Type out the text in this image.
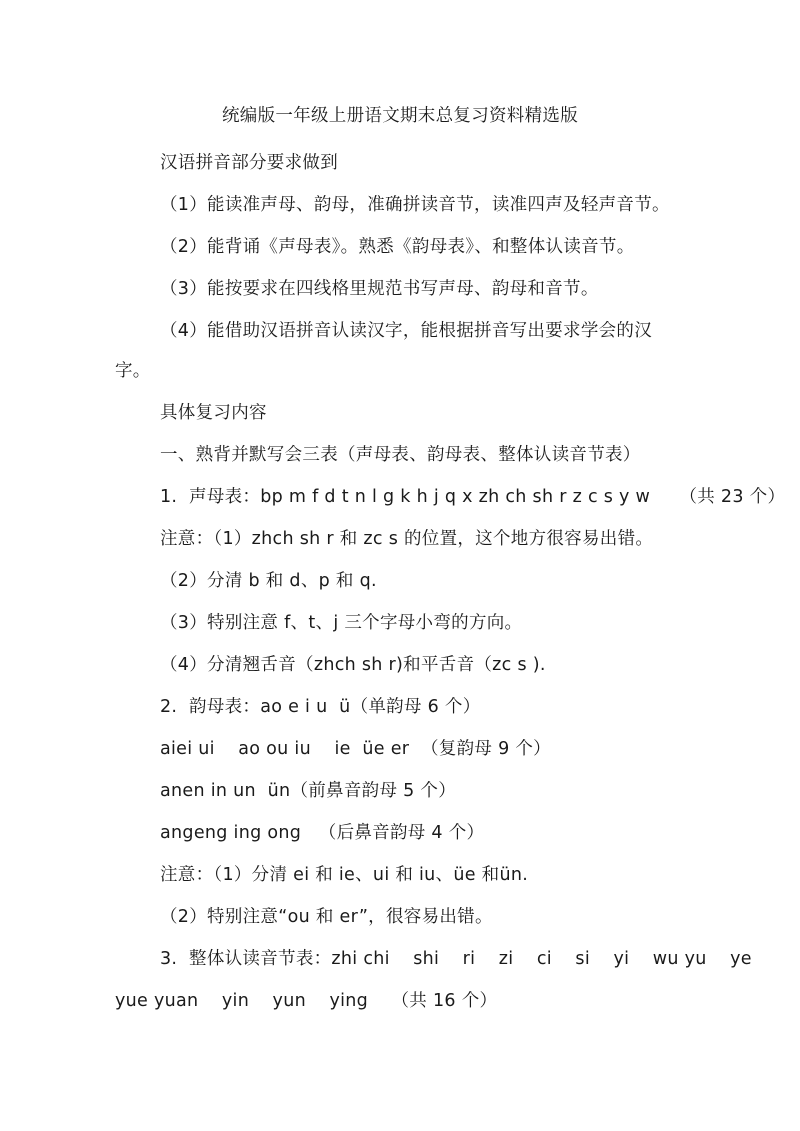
统编版一年级上册语文期末总复习资料精选版
汉语拼音部分要求做到
（1）能读准声母、韵母，准确拼读音节，读准四声及轻声音节。
（2）能背诵《声母表》。熟悉《韵母表》、和整体认读音节。
（3）能按要求在四线格里规范书写声母、韵母和音节。
（4）能借助汉语拼音认读汉字，能根据拼音写出要求学会的汉
字。
具体复习内容
一、熟背并默写会三表（声母表、韵母表、整体认读音节表）
1.  声母表：bp m f d t n l g k h j q x zh ch sh r z c s y w     （共 23 个）
注意：（1）zhch sh r 和 zc s 的位置，这个地方很容易出错。
（2）分清 b 和 d、p 和 q.
（3）特别注意 f、t、j 三个字母小弯的方向。
（4）分清翘舌音（zhch sh r)和平舌音（zc s ).
2.  韵母表：ao e i u  ü（单韵母 6 个）
aiei ui    ao ou iu    ie  üe er  （复韵母 9 个）
anen in un  ün（前鼻音韵母 5 个）
angeng ing ong   （后鼻音韵母 4 个）
注意：（1）分清 ei 和 ie、ui 和 iu、üe 和ün.
（2）特别注意“ou 和 er”，很容易出错。
3.  整体认读音节表：zhi chi    shi    ri    zi    ci    si    yi    wu yu    ye
yue yuan    yin    yun    ying    （共 16 个）
